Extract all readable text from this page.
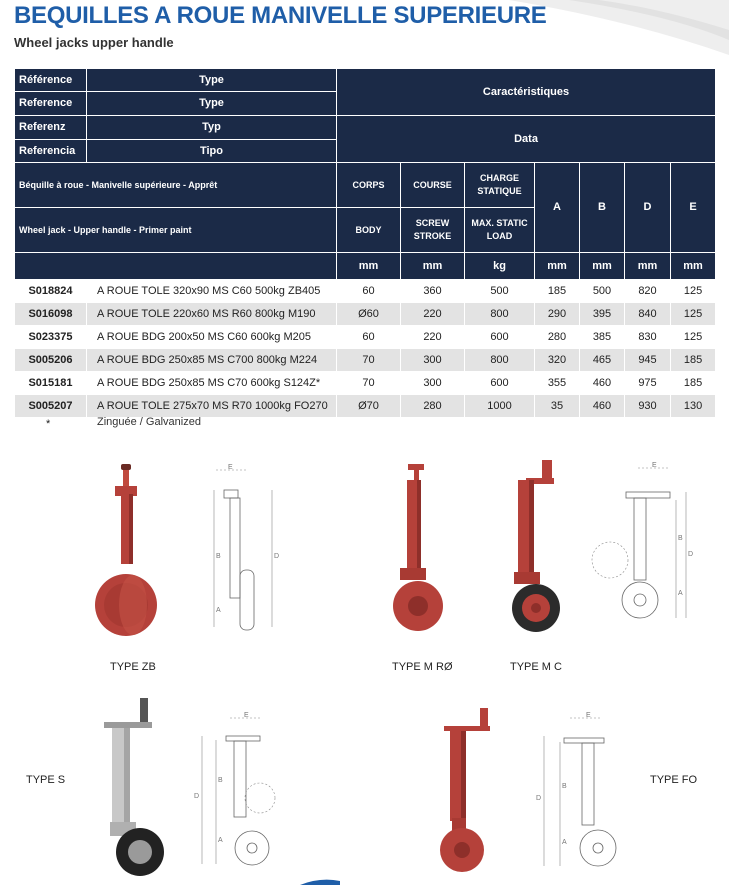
BEQUILLES A ROUE MANIVELLE SUPERIEURE
Wheel jacks upper handle
Référence	Type	Caractéristiques						
Reference	Type							
Referenz	Typ	Data						
Referencia	Tipo							
Béquille à roue - Manivelle supérieure - Apprêt		CORPS	COURSE	CHARGE STATIQUE	A	B	D	E
Wheel jack - Upper handle - Primer paint		BODY	SCREW STROKE	MAX. STATIC LOAD				
		mm	mm	kg	mm	mm	mm	mm
S018824	A ROUE TOLE 320x90 MS C60 500kg ZB405	60	360	500	185	500	820	125
S016098	A ROUE TOLE 220x60 MS R60 800kg M190	Ø60	220	800	290	395	840	125
S023375	A ROUE BDG 200x50 MS C60 600kg M205	60	220	600	280	385	830	125
S005206	A ROUE BDG 250x85 MS C700 800kg M224	70	300	800	320	465	945	185
S015181	A ROUE BDG 250x85 MS C70 600kg S124Z*	70	300	600	355	460	975	185
S005207	A ROUE TOLE 275x70 MS R70 1000kg FO270	Ø70	280	1000	35	460	930	130
*	Zinguée / Galvanized
E
B
A
D
TYPE ZB	TYPE M RØ	TYPE M C
E
B
A
D
E
D
B
A
TYPE S
E
D
B
A
TYPE FO
